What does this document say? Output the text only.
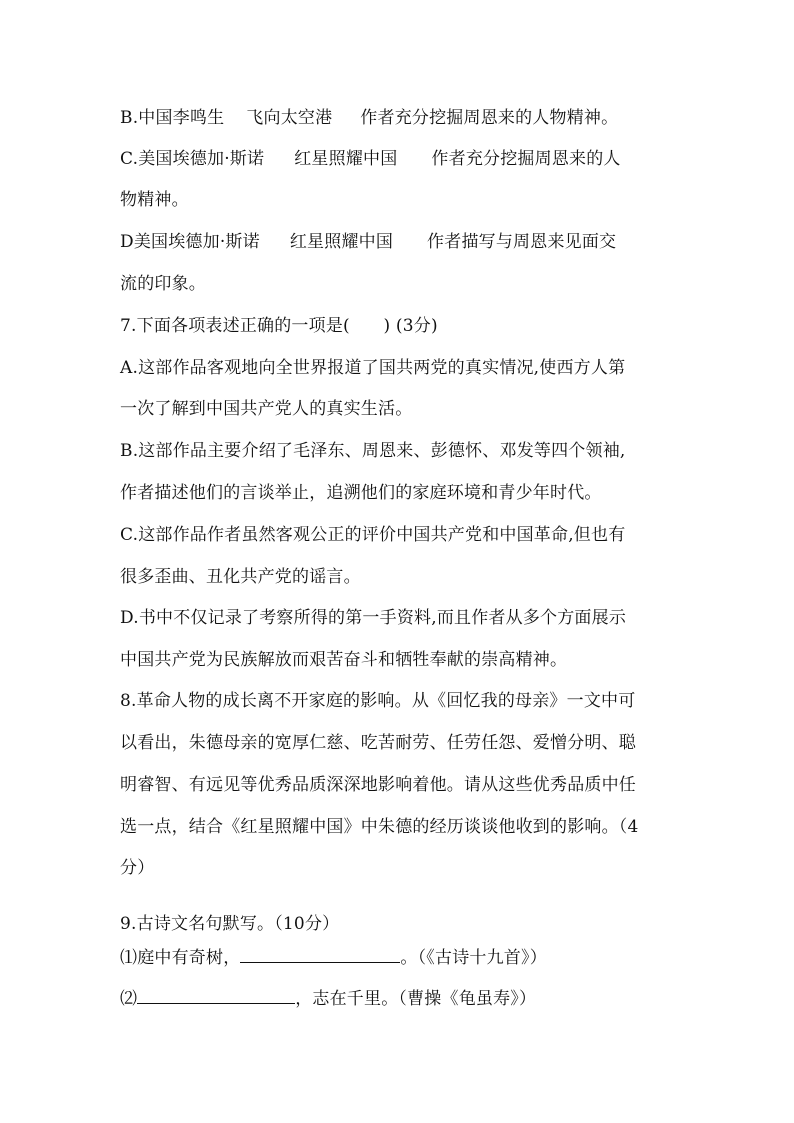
B.中国李鸣生 飞向太空港 作者充分挖掘周恩来的人物精神。
C.美国埃德加·斯诺 红星照耀中国 作者充分挖掘周恩来的人
物精神。
D美国埃德加·斯诺 红星照耀中国 作者描写与周恩来见面交
流的印象。
7.下面各项表述正确的一项是(      ) (3分)
A.这部作品客观地向全世界报道了国共两党的真实情况,使西方人第
一次了解到中国共产党人的真实生活。
B.这部作品主要介绍了毛泽东、周恩来、彭德怀、邓发等四个领袖,
作者描述他们的言谈举止，追溯他们的家庭环境和青少年时代。
C.这部作品作者虽然客观公正的评价中国共产党和中国革命,但也有
很多歪曲、丑化共产党的谣言。
D.书中不仅记录了考察所得的第一手资料,而且作者从多个方面展示
中国共产党为民族解放而艰苦奋斗和牺牲奉献的崇高精神。
8.革命人物的成长离不开家庭的影响。从《回忆我的母亲》一文中可
以看出，朱德母亲的宽厚仁慈、吃苦耐劳、任劳任怨、爱憎分明、聪
明睿智、有远见等优秀品质深深地影响着他。请从这些优秀品质中任
选一点，结合《红星照耀中国》中朱德的经历谈谈他收到的影响。（4
分）
9.古诗文名句默写。（10分）
⑴庭中有奇树，	。（《古诗十九首》）
⑵	，志在千里。（曹操《龟虽寿》）
